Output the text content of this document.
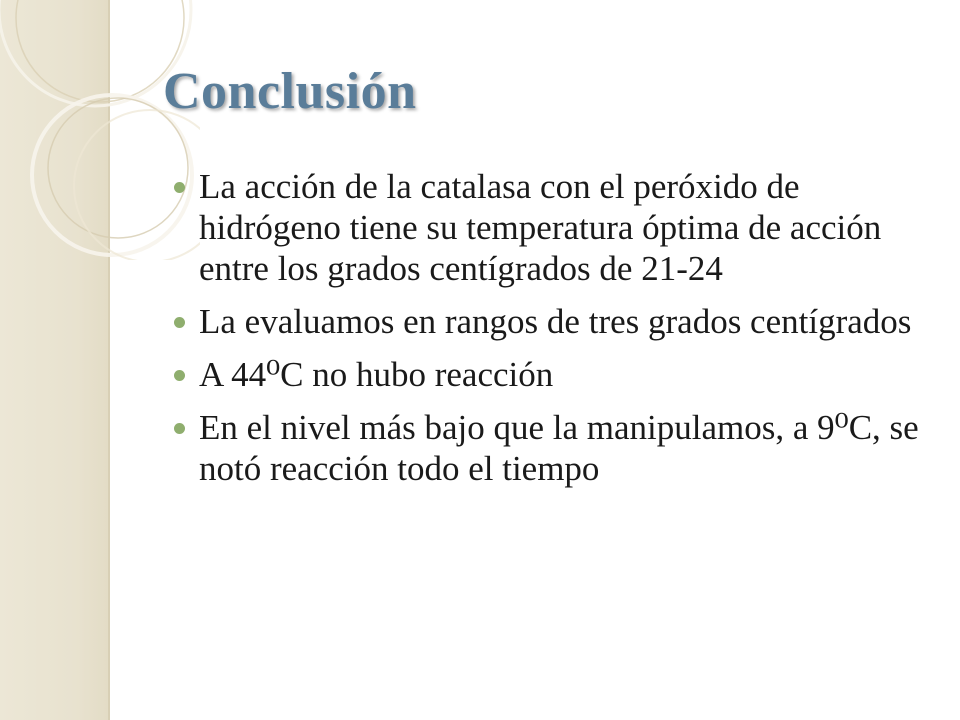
Conclusión
La acción de la catalasa con el peróxido de hidrógeno tiene su temperatura óptima de acción entre los grados centígrados de 21-24
La evaluamos en rangos de tres grados centígrados
A 44⁰C no hubo reacción
En el nivel más bajo que la manipulamos, a 9⁰C, se notó reacción todo el tiempo
